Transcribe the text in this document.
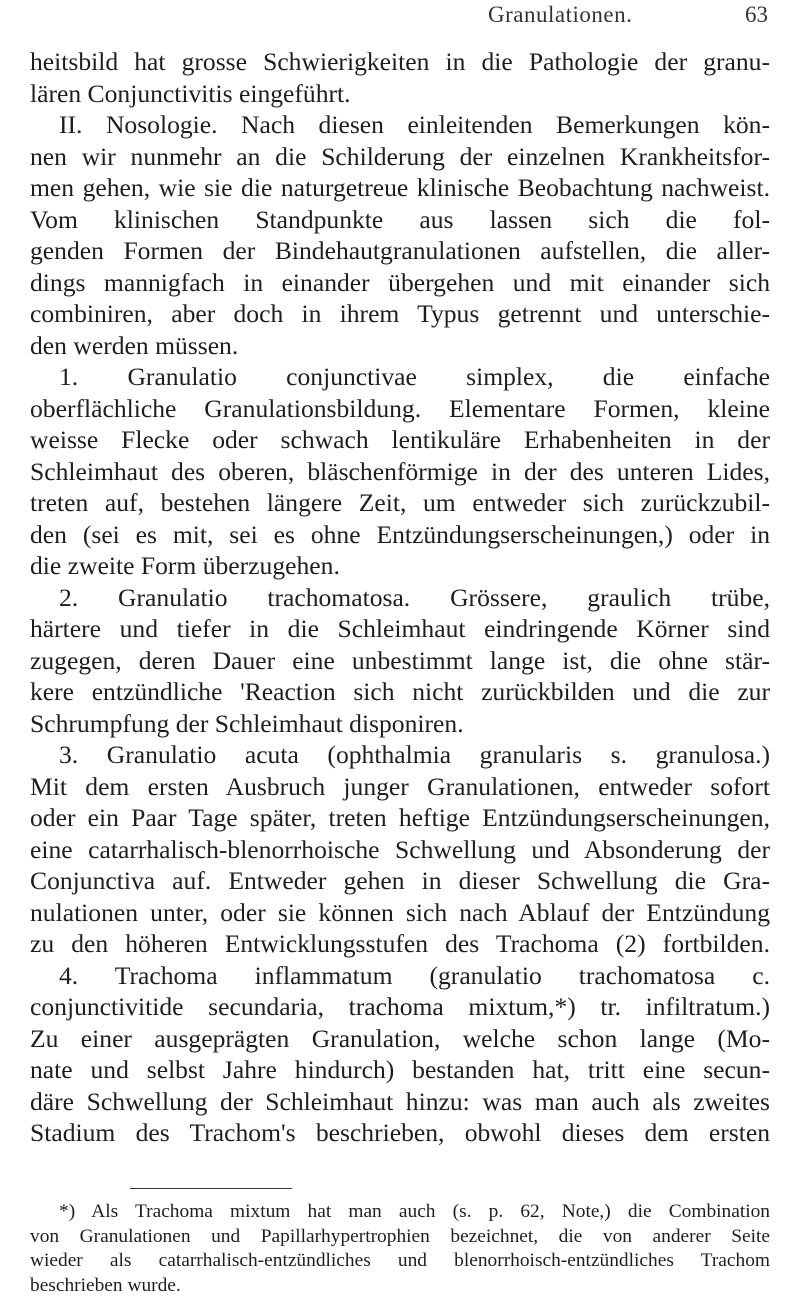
Granulationen.	63
heitsbild hat grosse Schwierigkeiten in die Pathologie der granu-
lären Conjunctivitis eingeführt.
II. Nosologie. Nach diesen einleitenden Bemerkungen kön-
nen wir nunmehr an die Schilderung der einzelnen Krankheitsfor-
men gehen, wie sie die naturgetreue klinische Beobachtung nachweist.
Vom klinischen Standpunkte aus lassen sich die fol-
genden Formen der Bindehautgranulationen aufstellen, die aller-
dings mannigfach in einander übergehen und mit einander sich
combiniren, aber doch in ihrem Typus getrennt und unterschie-
den werden müssen.
1. Granulatio conjunctivae simplex, die einfache
oberflächliche Granulationsbildung. Elementare Formen, kleine
weisse Flecke oder schwach lentikuläre Erhabenheiten in der
Schleimhaut des oberen, bläschenförmige in der des unteren Lides,
treten auf, bestehen längere Zeit, um entweder sich zurückzubil-
den (sei es mit, sei es ohne Entzündungserscheinungen,) oder in
die zweite Form überzugehen.
2. Granulatio trachomatosa. Grössere, graulich trübe,
härtere und tiefer in die Schleimhaut eindringende Körner sind
zugegen, deren Dauer eine unbestimmt lange ist, die ohne stär-
kere entzündliche 'Reaction sich nicht zurückbilden und die zur
Schrumpfung der Schleimhaut disponiren.
3. Granulatio acuta (ophthalmia granularis s. granulosa.)
Mit dem ersten Ausbruch junger Granulationen, entweder sofort
oder ein Paar Tage später, treten heftige Entzündungserscheinungen,
eine catarrhalisch-blenorrhoische Schwellung und Absonderung der
Conjunctiva auf. Entweder gehen in dieser Schwellung die Gra-
nulationen unter, oder sie können sich nach Ablauf der Entzündung
zu den höheren Entwicklungsstufen des Trachoma (2) fortbilden.
4. Trachoma inflammatum (granulatio trachomatosa c.
conjunctivitide secundaria, trachoma mixtum,*) tr. infiltratum.)
Zu einer ausgeprägten Granulation, welche schon lange (Mo-
nate und selbst Jahre hindurch) bestanden hat, tritt eine secun-
däre Schwellung der Schleimhaut hinzu: was man auch als zweites
Stadium des Trachom's beschrieben, obwohl dieses dem ersten
*) Als Trachoma mixtum hat man auch (s. p. 62, Note,) die Combination
von Granulationen und Papillarhypertrophien bezeichnet, die von anderer Seite
wieder als catarrhalisch-entzündliches und blenorrhoisch-entzündliches Trachom
beschrieben wurde.
